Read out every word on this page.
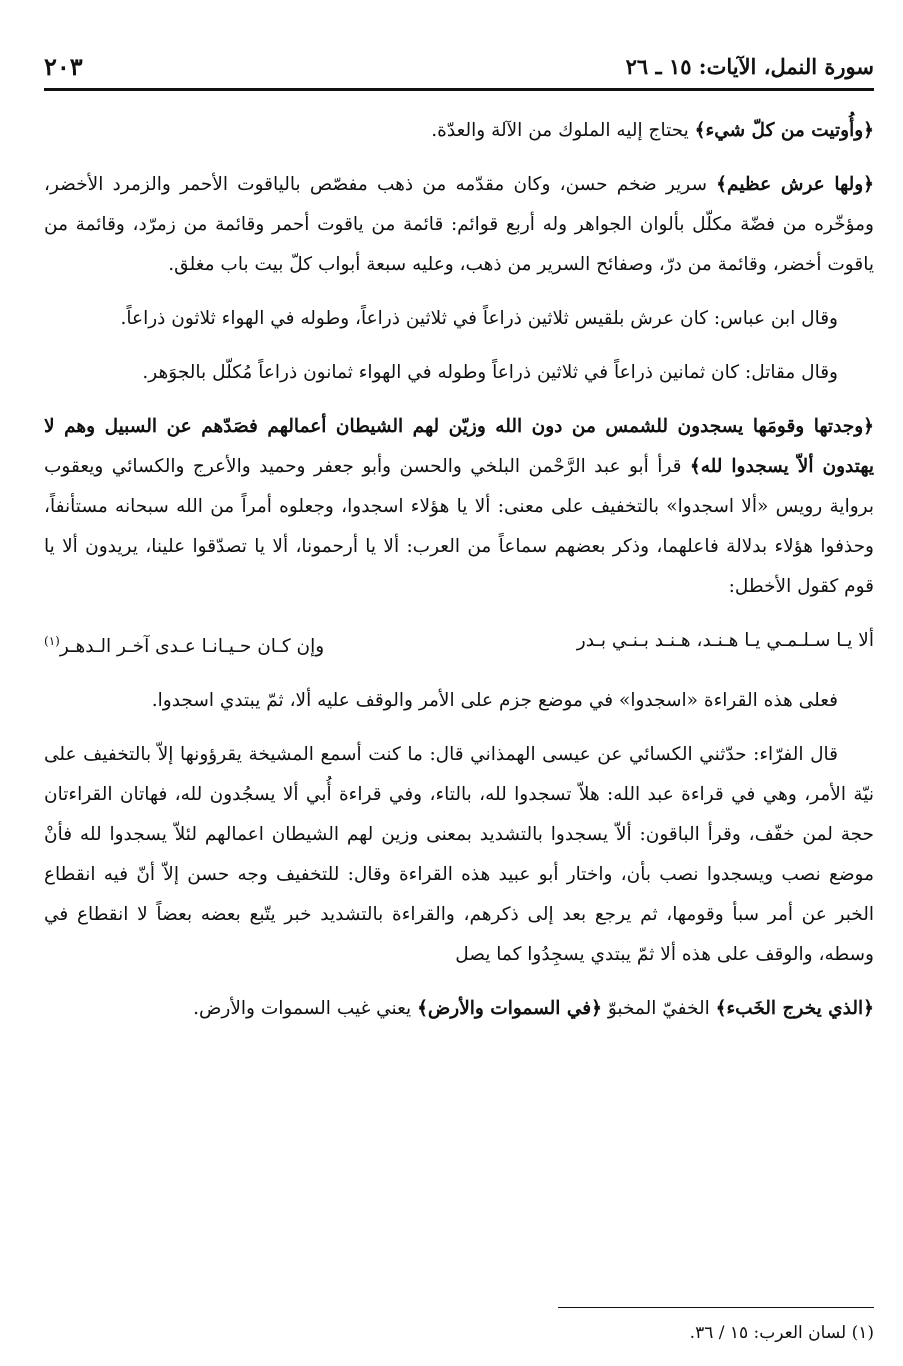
سورة النمل، الآيات: ١٥ ـ ٢٦
٢٠٣

﴿وأُوتيت من كلّ شيء﴾ يحتاج إليه الملوك من الآلة والعدّة.

﴿ولها عرش عظيم﴾ سرير ضخم حسن، وكان مقدّمه من ذهب مفصّص بالياقوت الأحمر والزمرد الأخضر، ومؤخّره من فضّة مكلّل بألوان الجواهر وله أربع قوائم: قائمة من ياقوت أحمر وقائمة من زمرّد، وقائمة من ياقوت أخضر، وقائمة من درّ، وصفائح السرير من ذهب، وعليه سبعة أبواب كلّ بيت باب مغلق.

وقال ابن عباس: كان عرش بلقيس ثلاثين ذراعاً في ثلاثين ذراعاً، وطوله في الهواء ثلاثون ذراعاً.

وقال مقاتل: كان ثمانين ذراعاً في ثلاثين ذراعاً وطوله في الهواء ثمانون ذراعاً مُكلّل بالجوَهر.

﴿وجدتها وقومَها يسجدون للشمس من دون الله وزيّن لهم الشيطان أعمالهم فصَدّهم عن السبيل وهم لا يهتدون ألاّ يسجدوا لله﴾ قرأ أبو عبد الرَّحْمن البلخي والحسن وأبو جعفر وحميد والأعرج والكسائي ويعقوب برواية رويس «ألا اسجدوا» بالتخفيف على معنى: ألا يا هؤلاء اسجدوا، وجعلوه أمراً من الله سبحانه مستأنفاً، وحذفوا هؤلاء بدلالة فاعلهما، وذكر بعضهم سماعاً من العرب: ألا يا أرحمونا، ألا يا تصدّقوا علينا، يريدون ألا يا قوم كقول الأخطل:

ألا يـا سـلـمـي يـا هـنـد، هـنـد بـنـي بـدر
وإن كـان حـيـانـا عـدى آخـر الـدهـر$^{(١)}$

فعلى هذه القراءة «اسجدوا» في موضع جزم على الأمر والوقف عليه ألا، ثمّ يبتدي اسجدوا.

قال الفرّاء: حدّثني الكسائي عن عيسى الهمذاني قال: ما كنت أسمع المشيخة يقرؤونها إلاّ بالتخفيف على نيّة الأمر، وهي في قراءة عبد الله: هلاّ تسجدوا لله، بالتاء، وفي قراءة أُبي ألا يسجُدون لله، فهاتان القراءتان حجة لمن خفّف، وقرأ الباقون: ألاّ يسجدوا بالتشديد بمعنى وزين لهم الشيطان اعمالهم لئلاّ يسجدوا لله فأنْ موضع نصب ويسجدوا نصب بأن، واختار أبو عبيد هذه القراءة وقال: للتخفيف وجه حسن إلاّ أنّ فيه انقطاع الخبر عن أمر سبأ وقومها، ثم يرجع بعد إلى ذكرهم، والقراءة بالتشديد خبر يتّبع بعضه بعضاً لا انقطاع في وسطه، والوقف على هذه ألا ثمّ يبتدي يسجِدُوا كما يصل

﴿الذي يخرج الخَبء﴾ الخفيّ المخبوّ ﴿في السموات والأرض﴾ يعني غيب السموات والأرض.

(١) لسان العرب: ١٥ / ٣٦.
